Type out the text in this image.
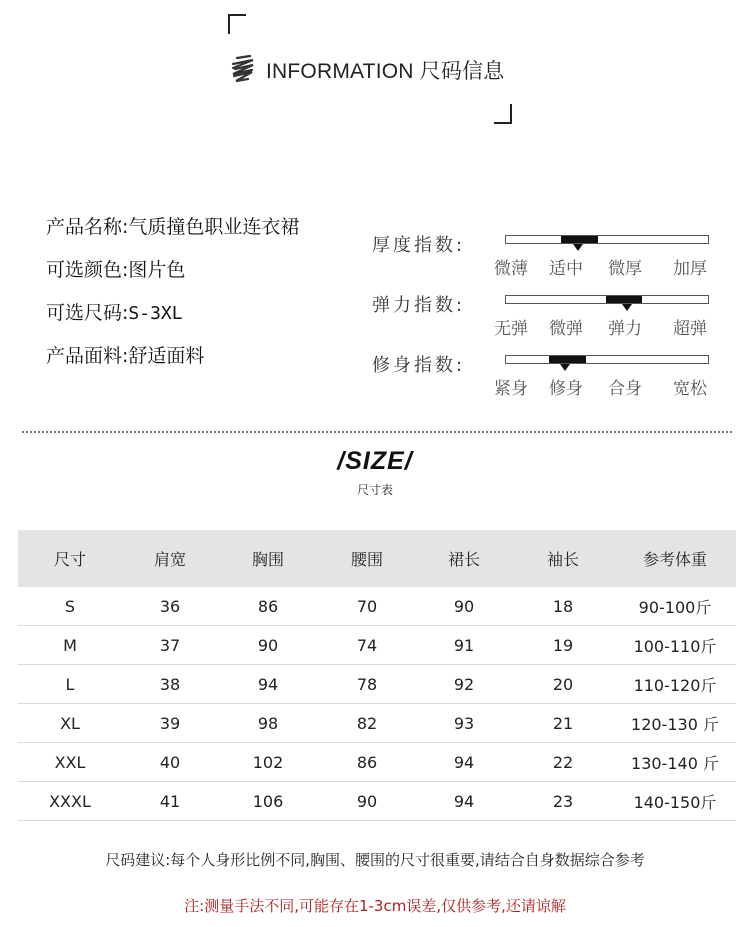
INFORMATION 尺码信息
产品名称:气质撞色职业连衣裙
可选颜色:图片色
可选尺码:S-3XL
产品面料:舒适面料
厚度指数:
微薄 适中 微厚 加厚
弹力指数:
无弹 微弹 弹力 超弹
修身指数:
紧身 修身 合身 宽松
/SIZE/
尺寸表
尺寸	肩宽	胸围	腰围	裙长	袖长	参考体重
S	36	86	70	90	18	90-100斤
M	37	90	74	91	19	100-110斤
L	38	94	78	92	20	110-120斤
XL	39	98	82	93	21	120-130 斤
XXL	40	102	86	94	22	130-140 斤
XXXL	41	106	90	94	23	140-150斤
尺码建议:每个人身形比例不同,胸围、腰围的尺寸很重要,请结合自身数据综合参考
注:测量手法不同,可能存在1-3cm误差,仅供参考,还请谅解
